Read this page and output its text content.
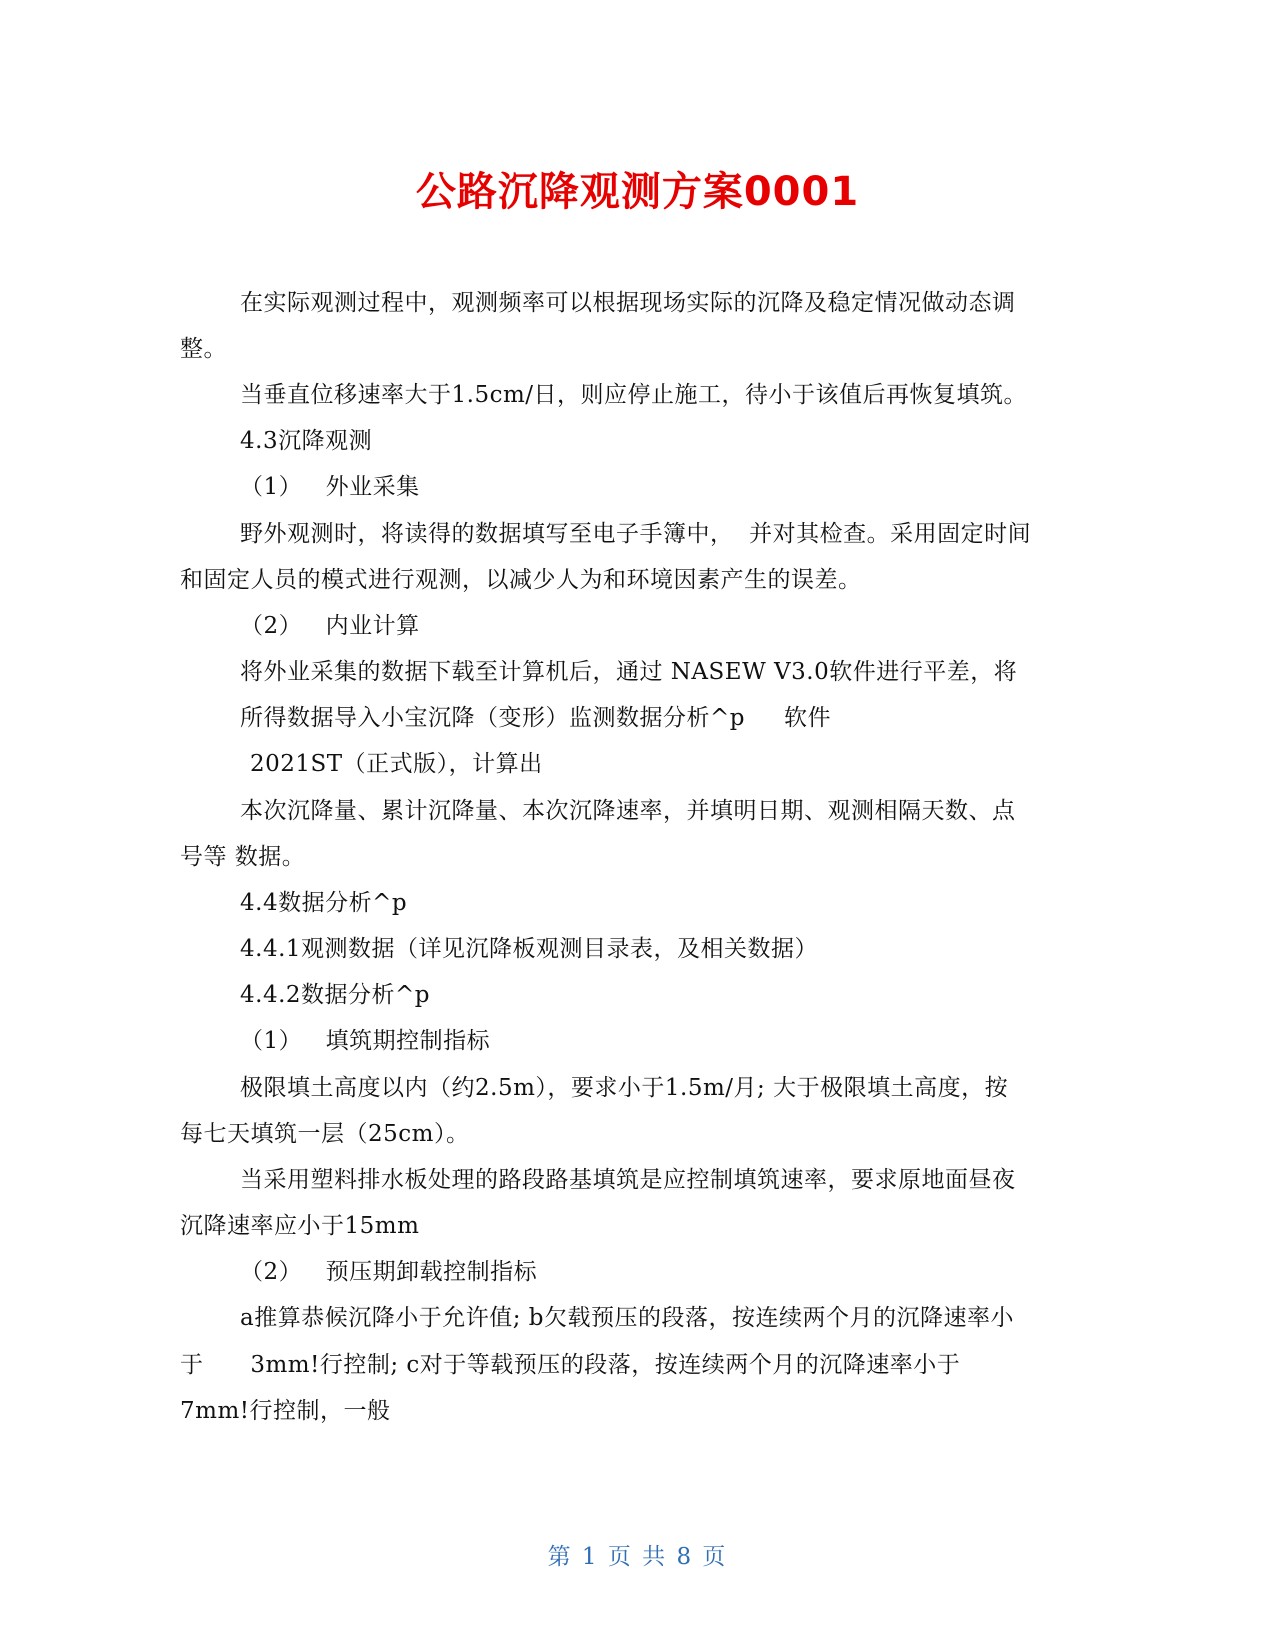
公路沉降观测方案0001
在实际观测过程中，观测频率可以根据现场实际的沉降及稳定情况做动态调
整。
当垂直位移速率大于1.5cm/日，则应停止施工，待小于该值后再恢复填筑。
4.3沉降观测
（1）   外业采集
野外观测时，将读得的数据填写至电子手簿中，  并对其检查。采用固定时间
和固定人员的模式进行观测，以减少人为和环境因素产生的误差。
（2）   内业计算
将外业采集的数据下载至计算机后，通过 NASEW V3.0软件进行平差，将
所得数据导入小宝沉降（变形）监测数据分析^p     软件
2021ST（正式版），计算出
本次沉降量、累计沉降量、本次沉降速率，并填明日期、观测相隔天数、点
号等 数据。
4.4数据分析^p
4.4.1观测数据（详见沉降板观测目录表，及相关数据）
4.4.2数据分析^p
（1）   填筑期控制指标
极限填土高度以内（约2.5m），要求小于1.5m/月; 大于极限填土高度，按
每七天填筑一层（25cm）。
当采用塑料排水板处理的路段路基填筑是应控制填筑速率，要求原地面昼夜
沉降速率应小于15mm
（2）   预压期卸载控制指标
a推算恭候沉降小于允许值; b欠载预压的段落，按连续两个月的沉降速率小
于      3mm!行控制; c对于等载预压的段落，按连续两个月的沉降速率小于
7mm!行控制，一般
第 1 页 共 8 页
